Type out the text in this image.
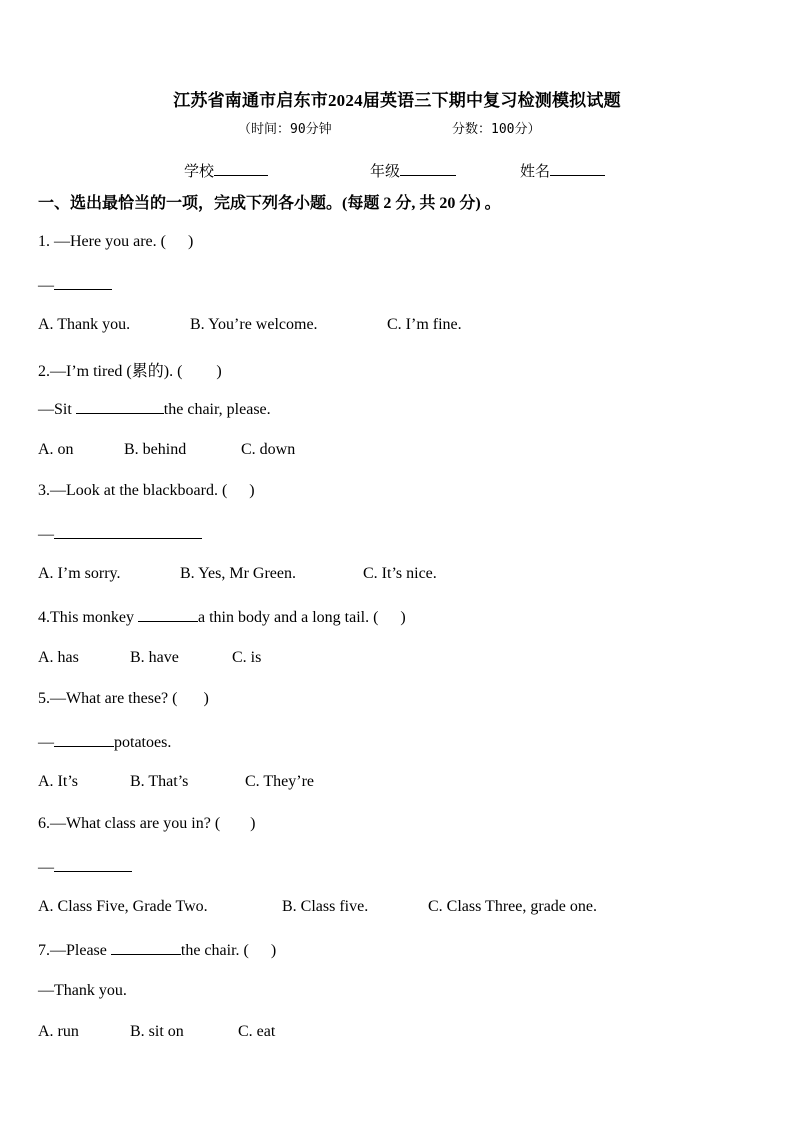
江苏省南通市启东市2024届英语三下期中复习检测模拟试题
（时间：90分钟	分数：100分）
学校	年级	姓名
一、选出最恰当的一项，完成下列各小题。(每题 2 分, 共 20 分) 。
1. —Here you are. ( )
—
A. Thank you.	B. You’re welcome.	C. I’m fine.
2.—I’m tired (累的). ( )
—Sit	the chair, please.
A. on	B. behind	C. down
3.—Look at the blackboard. ( )
—
A. I’m sorry.	B. Yes, Mr Green.	C. It’s nice.
4.This monkey	a thin body and a long tail. ( )
A. has	B. have	C. is
5.—What are these? ( )
—	potatoes.
A. It’s	B. That’s	C. They’re
6.—What class are you in? ( )
—
A. Class Five, Grade Two.	B. Class five.	C. Class Three, grade one.
7.—Please	the chair. ( )
—Thank you.
A. run	B. sit on	C. eat
